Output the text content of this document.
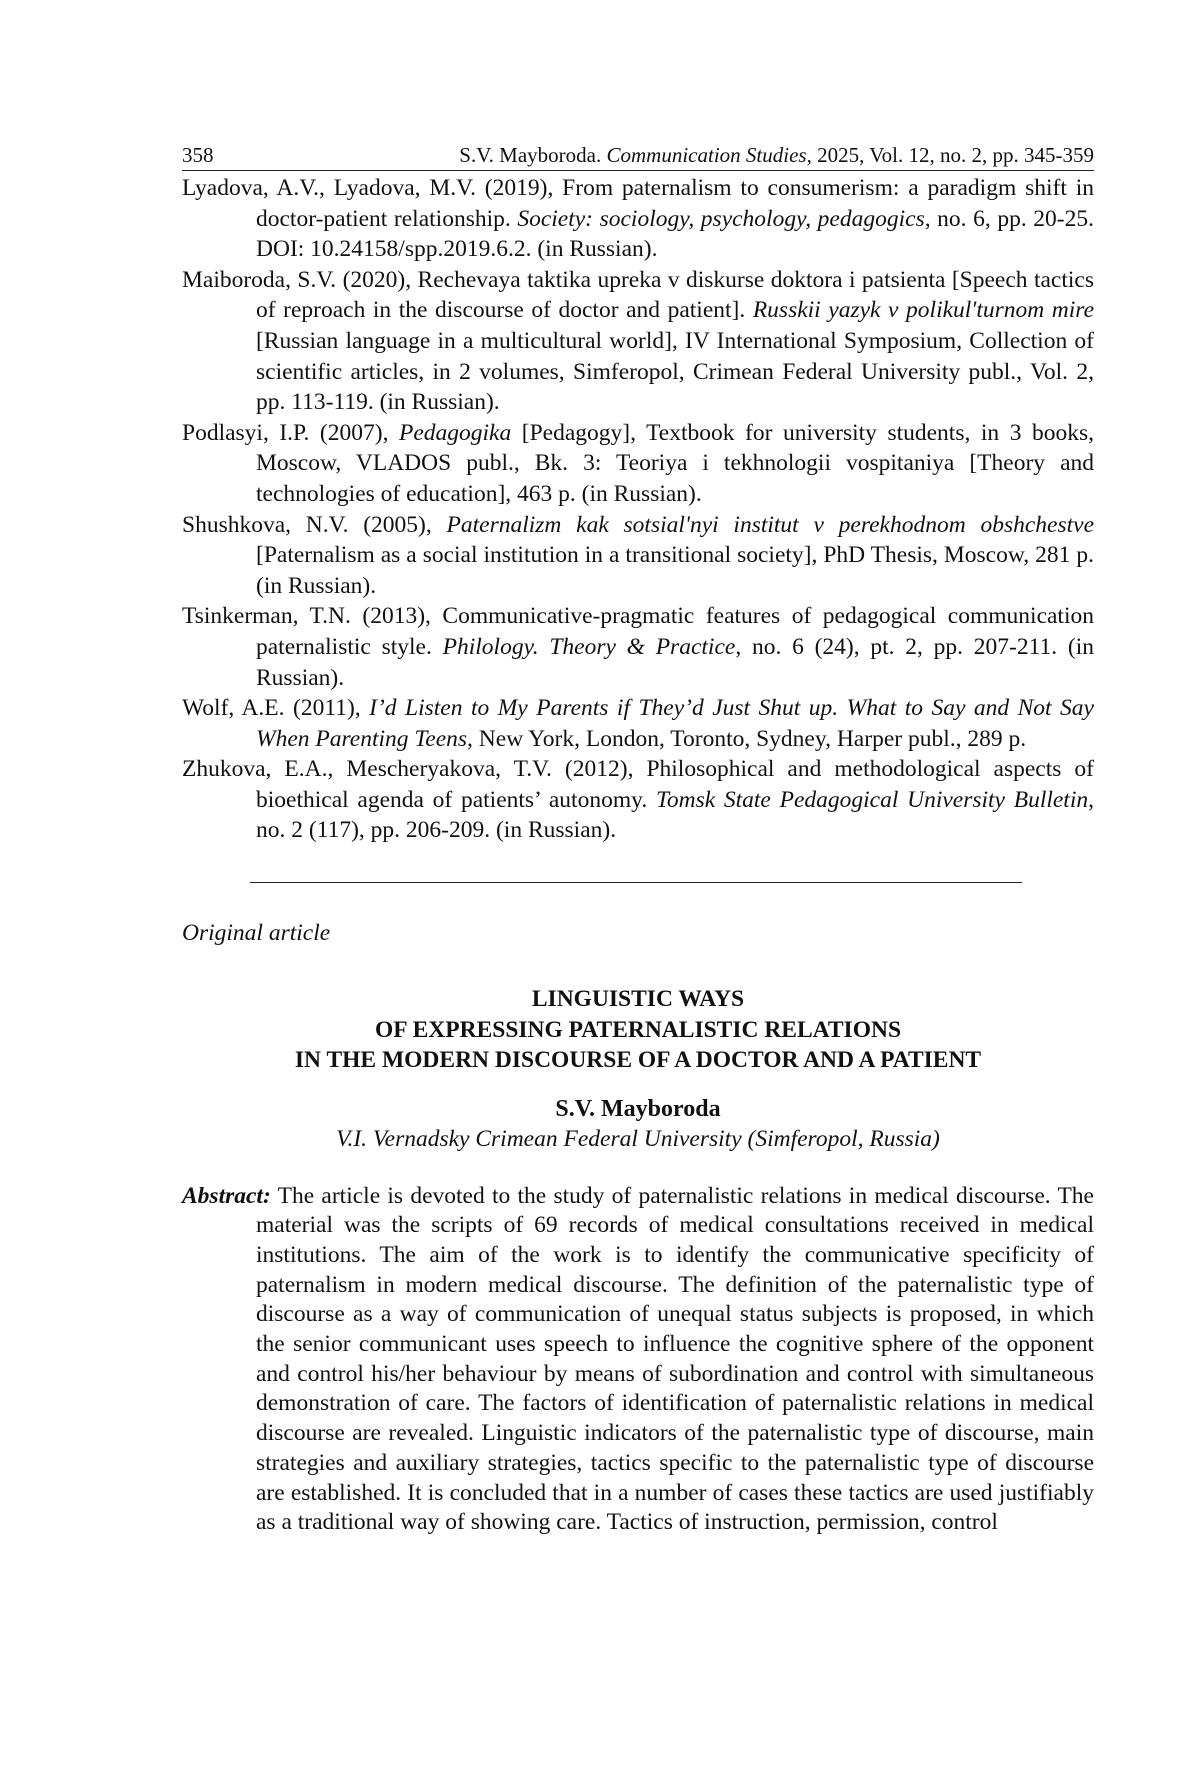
358	S.V. Mayboroda. Communication Studies, 2025, Vol. 12, no. 2, pp. 345-359

Lyadova, A.V., Lyadova, M.V. (2019), From paternalism to consumerism: a paradigm shift in doctor-patient relationship. Society: sociology, psychology, pedagogics, no. 6, pp. 20-25. DOI: 10.24158/spp.2019.6.2. (in Russian).

Maiboroda, S.V. (2020), Rechevaya taktika upreka v diskurse doktora i patsienta [Speech tactics of reproach in the discourse of doctor and patient]. Russkii yazyk v polikul'turnom mire [Russian language in a multicultural world], IV International Symposium, Collection of scientific articles, in 2 volumes, Simferopol, Crimean Federal University publ., Vol. 2, pp. 113-119. (in Russian).

Podlasyi, I.P. (2007), Pedagogika [Pedagogy], Textbook for university students, in 3 books, Moscow, VLADOS publ., Bk. 3: Teoriya i tekhnologii vospitaniya [Theory and technologies of education], 463 p. (in Russian).

Shushkova, N.V. (2005), Paternalizm kak sotsial'nyi institut v perekhodnom obshchestve [Paternalism as a social institution in a transitional society], PhD Thesis, Moscow, 281 p. (in Russian).

Tsinkerman, T.N. (2013), Communicative-pragmatic features of pedagogical communication paternalistic style. Philology. Theory & Practice, no. 6 (24), pt. 2, pp. 207-211. (in Russian).

Wolf, A.E. (2011), I’d Listen to My Parents if They’d Just Shut up. What to Say and Not Say When Parenting Teens, New York, London, Toronto, Sydney, Harper publ., 289 p.

Zhukova, E.A., Mescheryakova, T.V. (2012), Philosophical and methodological aspects of bioethical agenda of patients’ autonomy. Tomsk State Pedagogical University Bulletin, no. 2 (117), pp. 206-209. (in Russian).

Original article
LINGUISTIC WAYS
OF EXPRESSING PATERNALISTIC RELATIONS
IN THE MODERN DISCOURSE OF A DOCTOR AND A PATIENT
S.V. Mayboroda
V.I. Vernadsky Crimean Federal University (Simferopol, Russia)
Abstract: The article is devoted to the study of paternalistic relations in medical discourse. The material was the scripts of 69 records of medical consultations received in medical institutions. The aim of the work is to identify the communicative specificity of paternalism in modern medical discourse. The definition of the paternalistic type of discourse as a way of communication of unequal status subjects is proposed, in which the senior communicant uses speech to influence the cognitive sphere of the opponent and control his/her behaviour by means of subordination and control with simultaneous demonstration of care. The factors of identification of paternalistic relations in medical discourse are revealed. Linguistic indicators of the paternalistic type of discourse, main strategies and auxiliary strategies, tactics specific to the paternalistic type of discourse are established. It is concluded that in a number of cases these tactics are used justifiably as a traditional way of showing care. Tactics of instruction, permission, control
